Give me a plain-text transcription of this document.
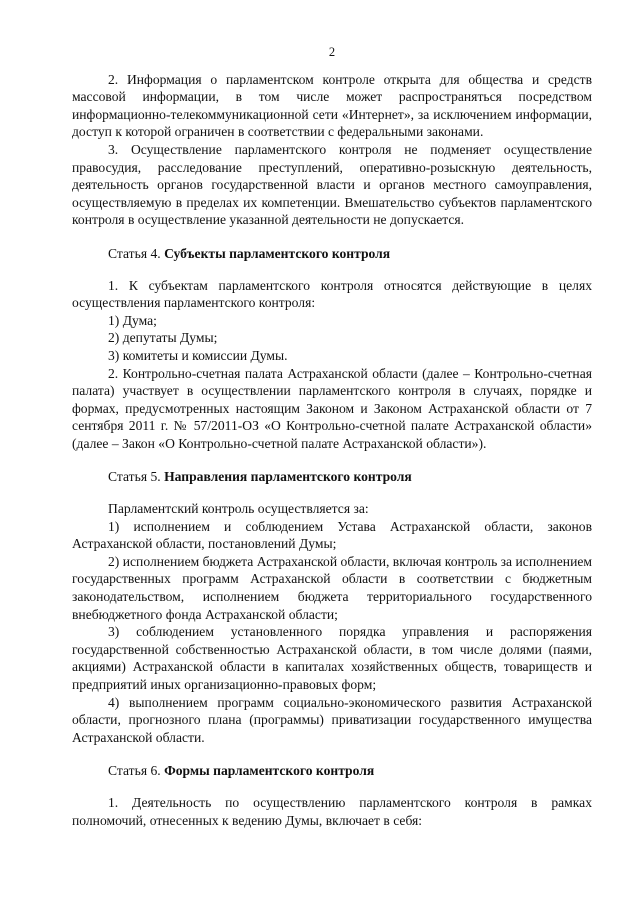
2

2. Информация о парламентском контроле открыта для общества и средств массовой информации, в том числе может распространяться посредством информационно-телекоммуникационной сети «Интернет», за исключением информации, доступ к которой ограничен в соответствии с федеральными законами.

3. Осуществление парламентского контроля не подменяет осуществление правосудия, расследование преступлений, оперативно-розыскную деятельность, деятельность органов государственной власти и органов местного самоуправления, осуществляемую в пределах их компетенции. Вмешательство субъектов парламентского контроля в осуществление указанной деятельности не допускается.

Статья 4. Субъекты парламентского контроля

1. К субъектам парламентского контроля относятся действующие в целях осуществления парламентского контроля:

1) Дума;

2) депутаты Думы;

3) комитеты и комиссии Думы.

2. Контрольно-счетная палата Астраханской области (далее – Контрольно-счетная палата) участвует в осуществлении парламентского контроля в случаях, порядке и формах, предусмотренных настоящим Законом и Законом Астраханской области от 7 сентября 2011 г. № 57/2011-ОЗ «О Контрольно-счетной палате Астраханской области» (далее – Закон «О Контрольно-счетной палате Астраханской области»).

Статья 5. Направления парламентского контроля

Парламентский контроль осуществляется за:

1) исполнением и соблюдением Устава Астраханской области, законов Астраханской области, постановлений Думы;

2) исполнением бюджета Астраханской области, включая контроль за исполнением государственных программ Астраханской области в соответствии с бюджетным законодательством, исполнением бюджета территориального государственного внебюджетного фонда Астраханской области;

3) соблюдением установленного порядка управления и распоряжения государственной собственностью Астраханской области, в том числе долями (паями, акциями) Астраханской области в капиталах хозяйственных обществ, товариществ и предприятий иных организационно-правовых форм;

4) выполнением программ социально-экономического развития Астраханской области, прогнозного плана (программы) приватизации государственного имущества Астраханской области.

Статья 6. Формы парламентского контроля

1. Деятельность по осуществлению парламентского контроля в рамках полномочий, отнесенных к ведению Думы, включает в себя:
